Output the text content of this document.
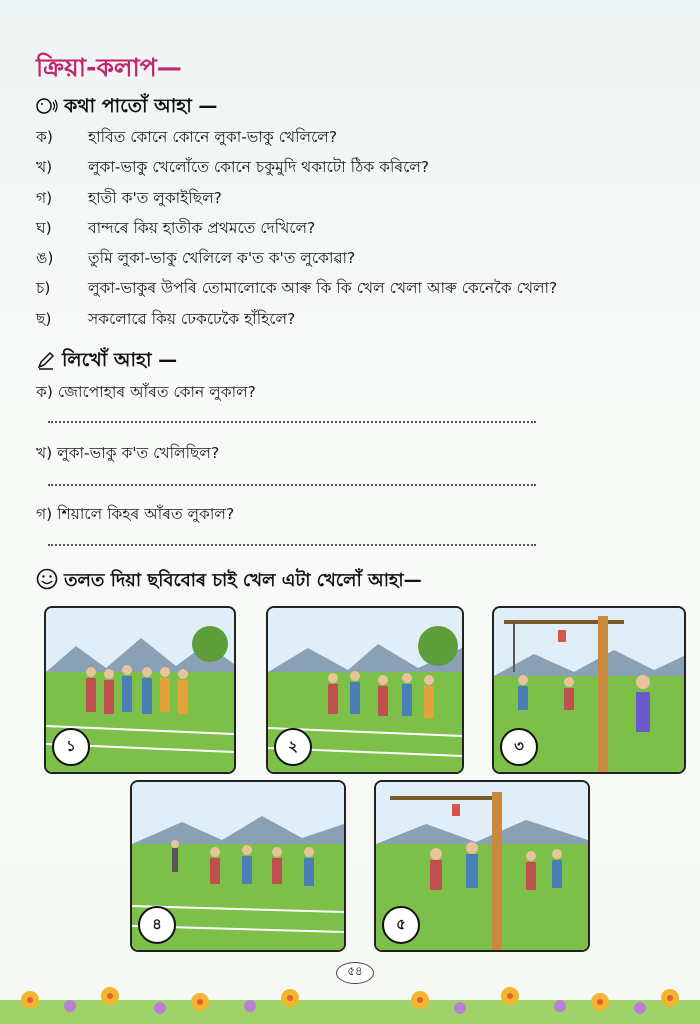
ক্ৰিয়া-কলাপ—
কথা পাতোঁ আহা —
ক)	হাবিত কোনে কোনে লুকা-ভাকু খেলিলে?
খ)	লুকা-ভাকু খেলোঁতে কোনে চকুমুদি থকাটো ঠিক কৰিলে?
গ)	হাতী ক'ত লুকাইছিল?
ঘ)	বান্দৰে কিয় হাতীক প্ৰথমতে দেখিলে?
ঙ)	তুমি লুকা-ভাকু খেলিলে ক'ত ক'ত লুকোৱা?
চ)	লুকা-ভাকুৰ উপৰি তোমালোকে আৰু কি কি খেল খেলা আৰু কেনেকৈ খেলা?
ছ)	সকলোৱে কিয় ঢেকঢেকৈ হাঁহিলে?
লিখোঁ আহা —
ক) জোপোহাৰ আঁৰত কোন লুকাল?
খ) লুকা-ভাকু ক'ত খেলিছিল?
গ) শিয়ালে কিহৰ আঁৰত লুকাল?
তলত দিয়া ছবিবোৰ চাই খেল এটা খেলোঁ আহা—
১	২	৩
৪	৫
৫৪
